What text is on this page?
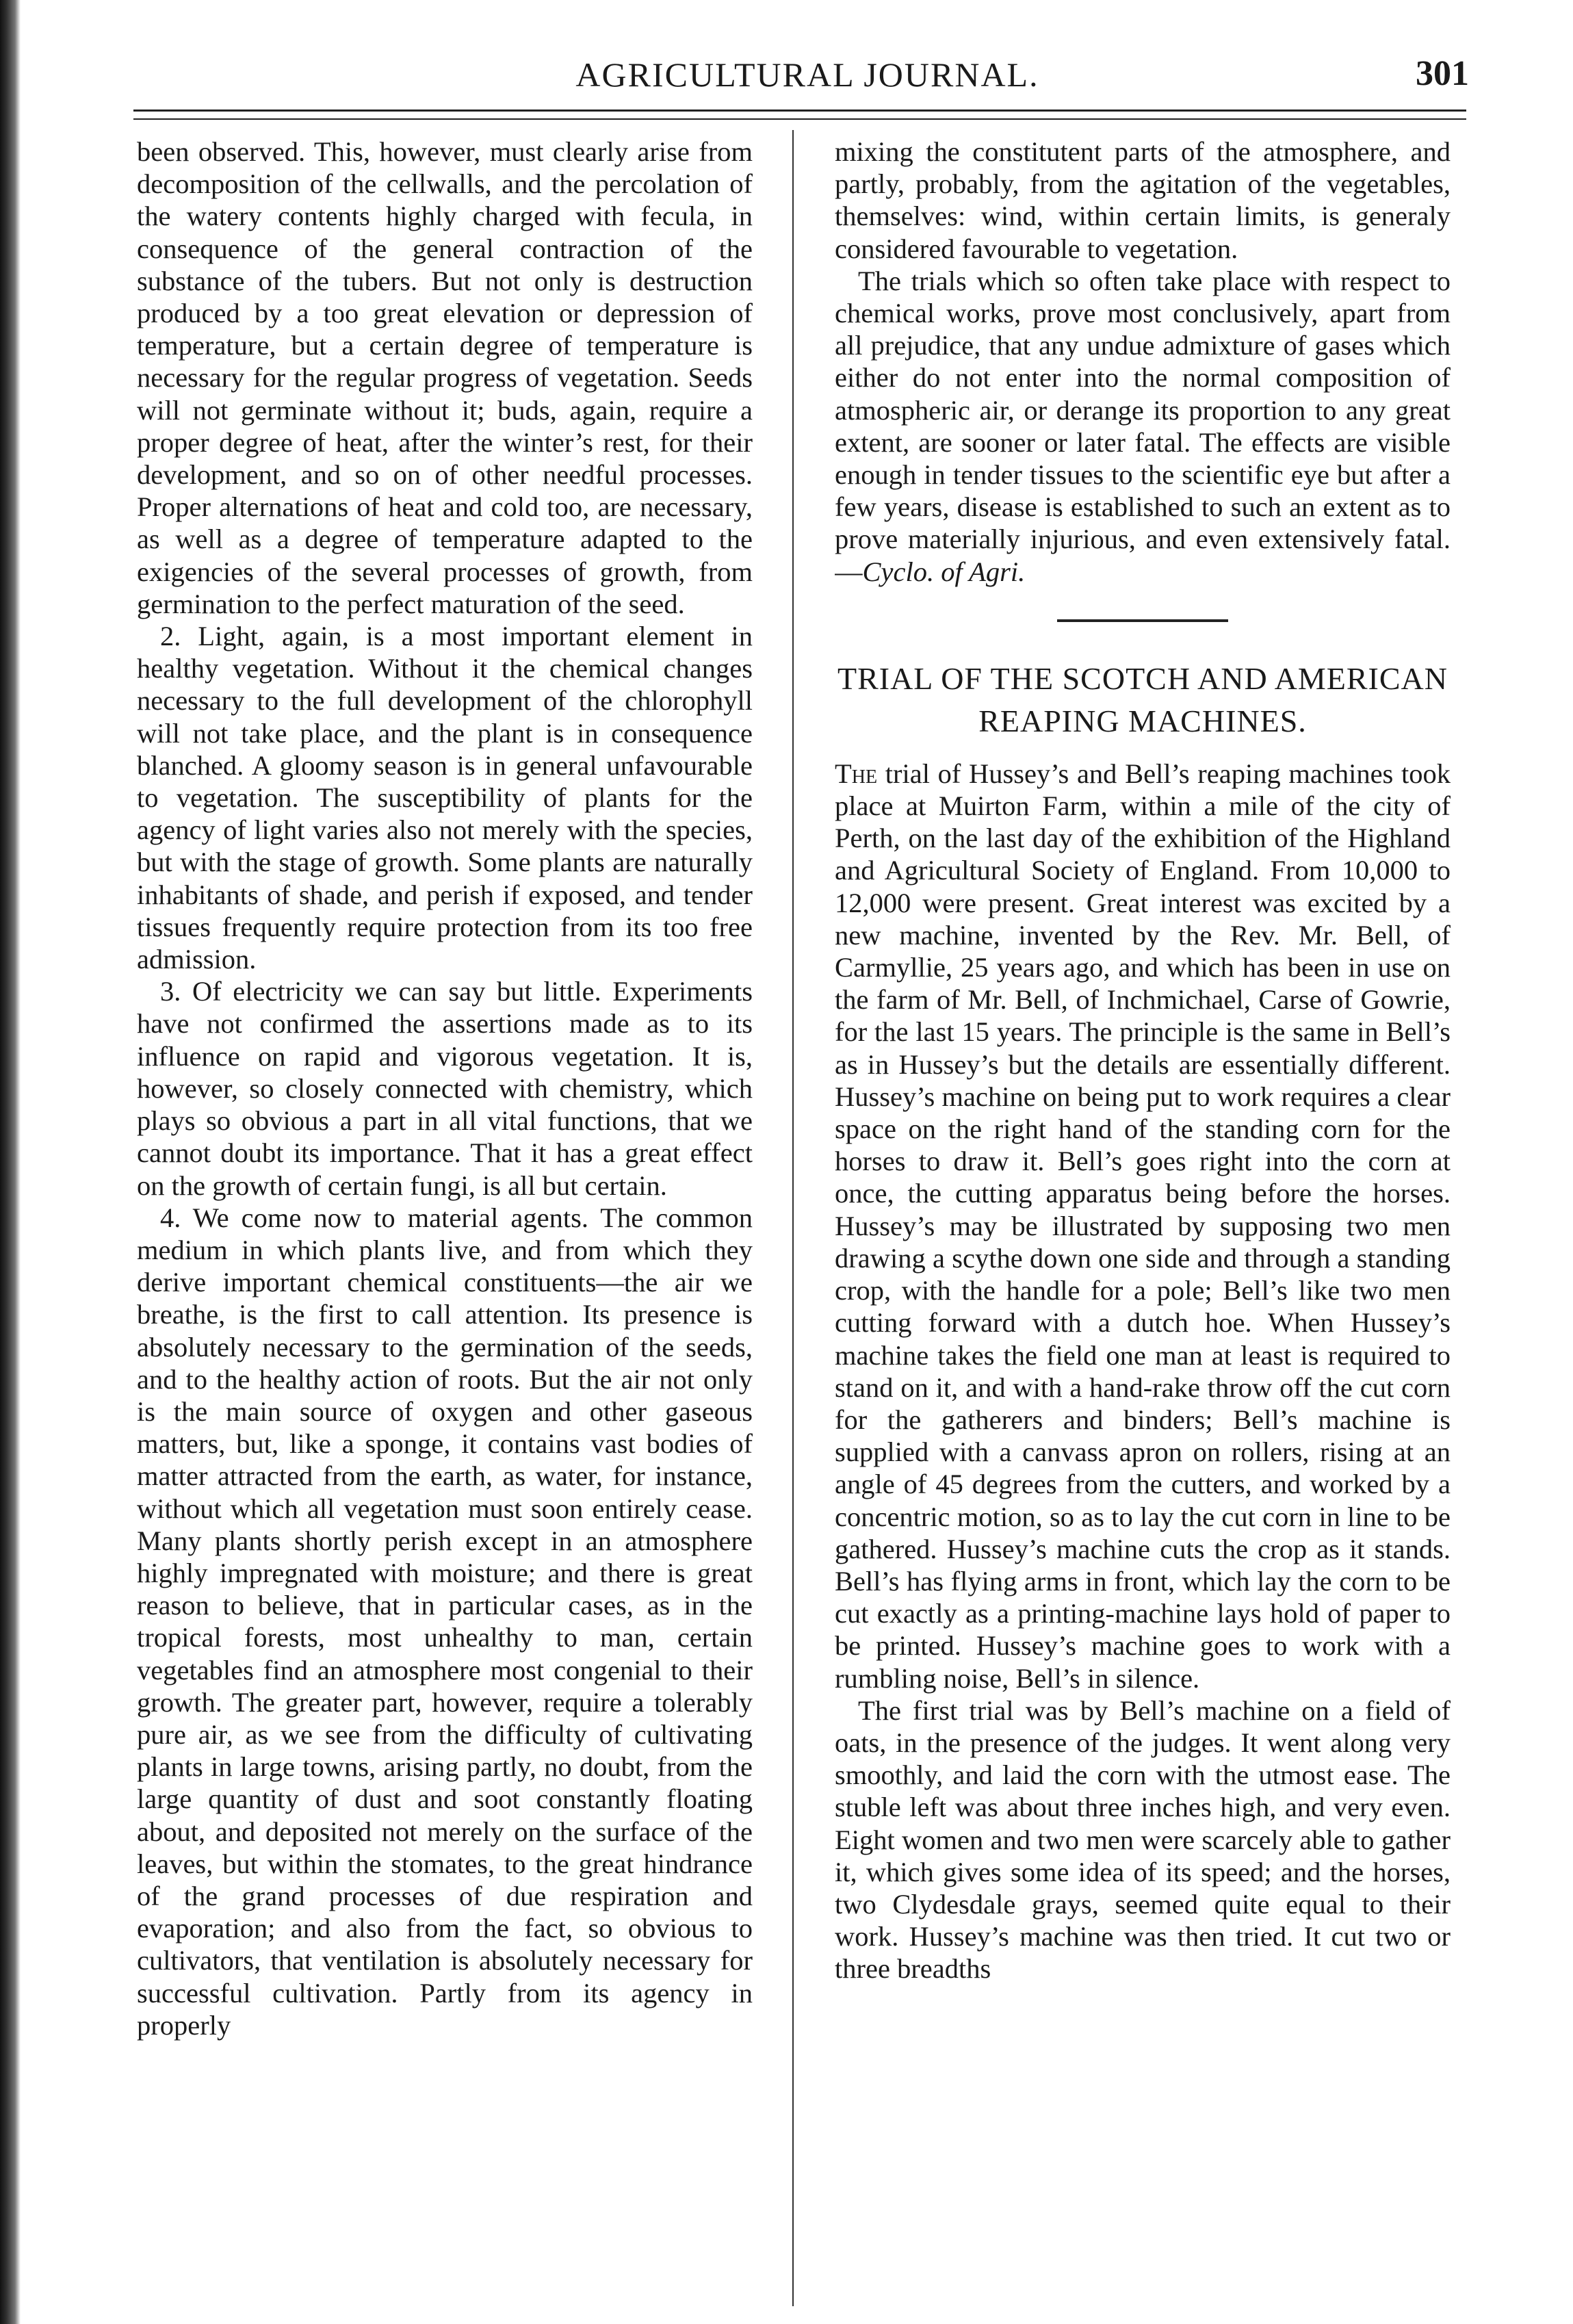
AGRICULTURAL JOURNAL.	301

been observed. This, however, must clearly arise from decomposition of the cellwalls, and the percolation of the watery contents highly charged with fecula, in consequence of the general contraction of the substance of the tubers. But not only is destruction produced by a too great elevation or depression of temperature, but a certain degree of temperature is necessary for the regular progress of vegetation. Seeds will not germinate without it; buds, again, require a proper degree of heat, after the winter’s rest, for their development, and so on of other needful processes. Proper alternations of heat and cold too, are necessary, as well as a degree of temperature adapted to the exigencies of the several processes of growth, from germination to the perfect maturation of the seed.

2. Light, again, is a most important element in healthy vegetation. Without it the chemical changes necessary to the full development of the chlorophyll will not take place, and the plant is in consequence blanched. A gloomy season is in general unfavourable to vegetation. The susceptibility of plants for the agency of light varies also not merely with the species, but with the stage of growth. Some plants are naturally inhabitants of shade, and perish if exposed, and tender tissues frequently require protection from its too free admission.

3. Of electricity we can say but little. Experiments have not confirmed the assertions made as to its influence on rapid and vigorous vegetation. It is, however, so closely connected with chemistry, which plays so obvious a part in all vital functions, that we cannot doubt its importance. That it has a great effect on the growth of certain fungi, is all but certain.

4. We come now to material agents. The common medium in which plants live, and from which they derive important chemical constituents—the air we breathe, is the first to call attention. Its presence is absolutely necessary to the germination of the seeds, and to the healthy action of roots. But the air not only is the main source of oxygen and other gaseous matters, but, like a sponge, it contains vast bodies of matter attracted from the earth, as water, for instance, without which all vegetation must soon entirely cease. Many plants shortly perish except in an atmosphere highly impregnated with moisture; and there is great reason to believe, that in particular cases, as in the tropical forests, most unhealthy to man, certain vegetables find an atmosphere most congenial to their growth. The greater part, however, require a tolerably pure air, as we see from the difficulty of cultivating plants in large towns, arising partly, no doubt, from the large quantity of dust and soot constantly floating about, and deposited not merely on the surface of the leaves, but within the stomates, to the great hindrance of the grand processes of due respiration and evaporation; and also from the fact, so obvious to cultivators, that ventilation is absolutely necessary for successful cultivation. Partly from its agency in properly

mixing the constitutent parts of the atmosphere, and partly, probably, from the agitation of the vegetables, themselves: wind, within certain limits, is generaly considered favourable to vegetation.

The trials which so often take place with respect to chemical works, prove most conclusively, apart from all prejudice, that any undue admixture of gases which either do not enter into the normal composition of atmospheric air, or derange its proportion to any great extent, are sooner or later fatal. The effects are visible enough in tender tissues to the scientific eye but after a few years, disease is established to such an extent as to prove materially injurious, and even extensively fatal.—Cyclo. of Agri.

TRIAL OF THE SCOTCH AND AMERICAN
REAPING MACHINES.

The trial of Hussey’s and Bell’s reaping machines took place at Muirton Farm, within a mile of the city of Perth, on the last day of the exhibition of the Highland and Agricultural Society of England. From 10,000 to 12,000 were present. Great interest was excited by a new machine, invented by the Rev. Mr. Bell, of Carmyllie, 25 years ago, and which has been in use on the farm of Mr. Bell, of Inchmichael, Carse of Gowrie, for the last 15 years. The principle is the same in Bell’s as in Hussey’s but the details are essentially different. Hussey’s machine on being put to work requires a clear space on the right hand of the standing corn for the horses to draw it. Bell’s goes right into the corn at once, the cutting apparatus being before the horses. Hussey’s may be illustrated by supposing two men drawing a scythe down one side and through a standing crop, with the handle for a pole; Bell’s like two men cutting forward with a dutch hoe. When Hussey’s machine takes the field one man at least is required to stand on it, and with a hand-rake throw off the cut corn for the gatherers and binders; Bell’s machine is supplied with a canvass apron on rollers, rising at an angle of 45 degrees from the cutters, and worked by a concentric motion, so as to lay the cut corn in line to be gathered. Hussey’s machine cuts the crop as it stands. Bell’s has flying arms in front, which lay the corn to be cut exactly as a printing-machine lays hold of paper to be printed. Hussey’s machine goes to work with a rumbling noise, Bell’s in silence.

The first trial was by Bell’s machine on a field of oats, in the presence of the judges. It went along very smoothly, and laid the corn with the utmost ease. The stuble left was about three inches high, and very even. Eight women and two men were scarcely able to gather it, which gives some idea of its speed; and the horses, two Clydesdale grays, seemed quite equal to their work. Hussey’s machine was then tried. It cut two or three breadths
